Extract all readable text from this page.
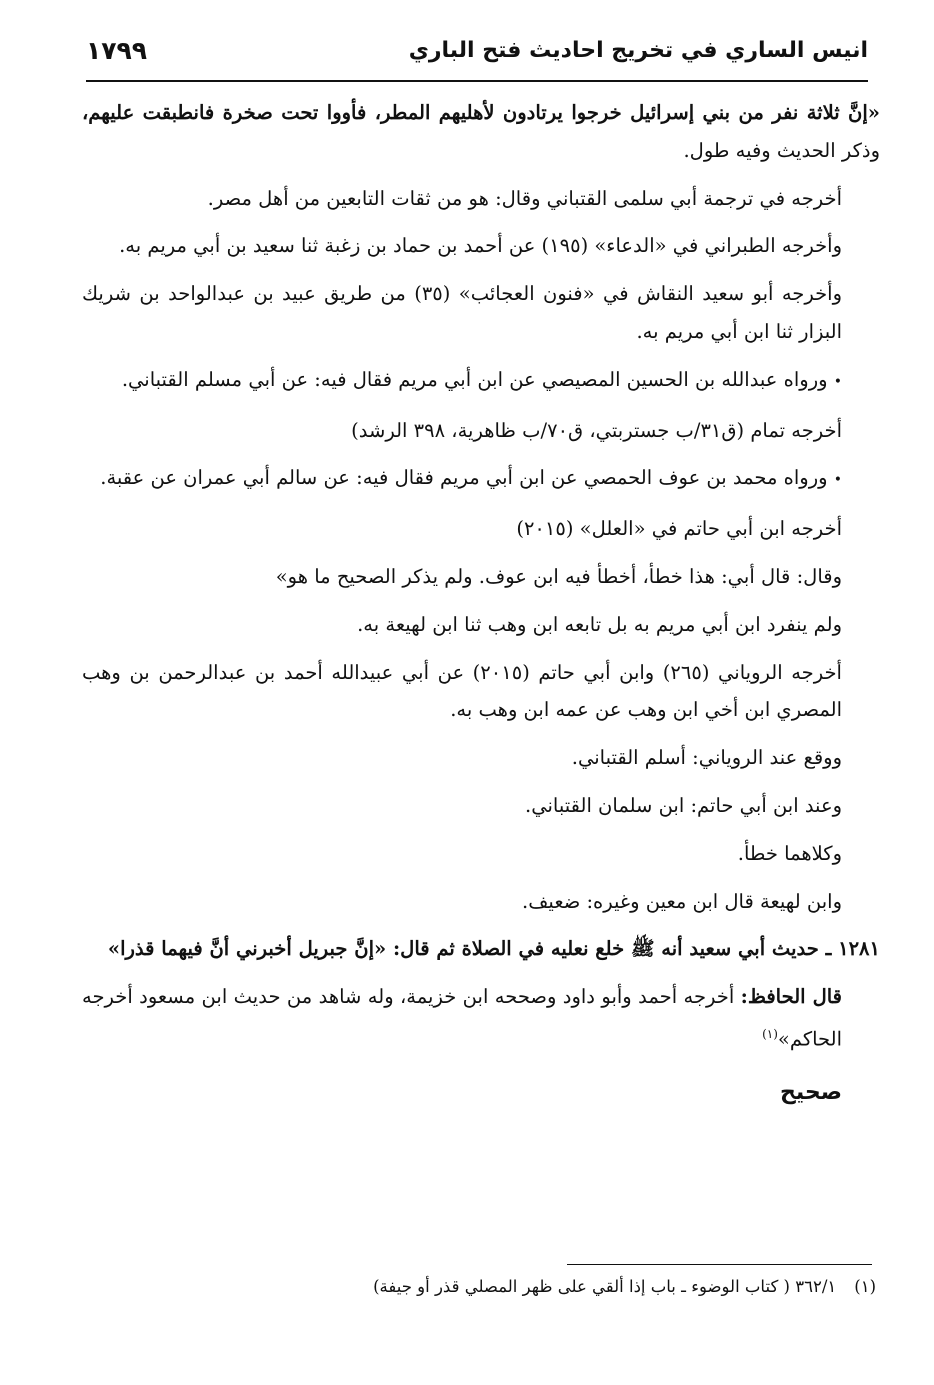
انيس الساري في تخريج احاديث فتح الباري
١٧٩٩

«إنَّ ثلاثة نفر من بني إسرائيل خرجوا يرتادون لأهليهم المطر، فأووا تحت صخرة فانطبقت عليهم، وذكر الحديث وفيه طول.

أخرجه في ترجمة أبي سلمى القتباني وقال: هو من ثقات التابعين من أهل مصر.

وأخرجه الطبراني في «الدعاء» (١٩٥) عن أحمد بن حماد بن زغبة ثنا سعيد بن أبي مريم به.

وأخرجه أبو سعيد النقاش في «فنون العجائب» (٣٥) من طريق عبيد بن عبدالواحد بن شريك البزار ثنا ابن أبي مريم به.

• ورواه عبدالله بن الحسين المصيصي عن ابن أبي مريم فقال فيه: عن أبي مسلم القتباني.

أخرجه تمام (ق٣١/ب جستربتي، ق٧٠/ب ظاهرية، ٣٩٨ الرشد)

• ورواه محمد بن عوف الحمصي عن ابن أبي مريم فقال فيه: عن سالم أبي عمران عن عقبة.

أخرجه ابن أبي حاتم في «العلل» (٢٠١٥)

وقال: قال أبي: هذا خطأ، أخطأ فيه ابن عوف. ولم يذكر الصحيح ما هو»

ولم ينفرد ابن أبي مريم به بل تابعه ابن وهب ثنا ابن لهيعة به.

أخرجه الروياني (٢٦٥) وابن أبي حاتم (٢٠١٥) عن أبي عبيدالله أحمد بن عبدالرحمن بن وهب المصري ابن أخي ابن وهب عن عمه ابن وهب به.

ووقع عند الروياني: أسلم القتباني.

وعند ابن أبي حاتم: ابن سلمان القتباني.

وكلاهما خطأ.

وابن لهيعة قال ابن معين وغيره: ضعيف.

١٢٨١ ـ حديث أبي سعيد أنه ﷺ خلع نعليه في الصلاة ثم قال: «إنَّ جبريل أخبرني أنَّ فيهما قذرا»

قال الحافظ: أخرجه أحمد وأبو داود وصححه ابن خزيمة، وله شاهد من حديث ابن مسعود أخرجه الحاكم»$^{(١)}$

صحيح

(١)٣٦٢/١ ( كتاب الوضوء ـ باب إذا ألقي على ظهر المصلي قذر أو جيفة)
